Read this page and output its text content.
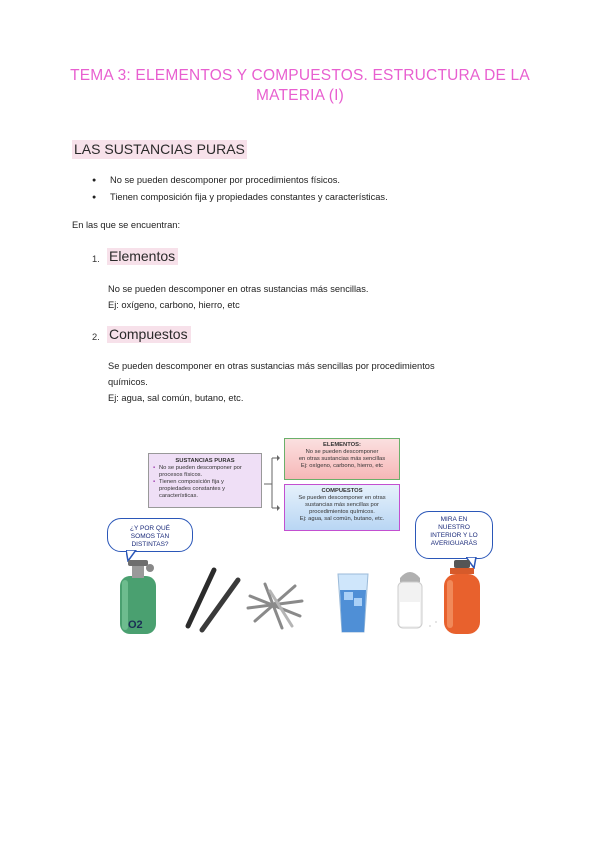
TEMA 3: ELEMENTOS Y COMPUESTOS. ESTRUCTURA DE LA
MATERIA (I)
LAS SUSTANCIAS PURAS
● No se pueden descomponer por procedimientos físicos.
● Tienen composición fija y propiedades constantes y características.
En las que se encuentran:
1. Elementos
No se pueden descomponer en otras sustancias más sencillas.
Ej: oxígeno, carbono, hierro, etc
2. Compuestos
Se pueden descomponer en otras sustancias más sencillas por procedimientos
químicos.
Ej: agua, sal común, butano, etc.
SUSTANCIAS PURAS
▪ No se pueden descomponer por procesos físicos.
▪ Tienen composición fija y propiedades constantes y características.
ELEMENTOS:
No se pueden descomponer
en otras sustancias más sencillas
Ej: oxígeno, carbono, hierro, etc
COMPUESTOS
Se pueden descomponer en otras
sustancias más sencillas por
procedimientos químicos.
Ej: agua, sal común, butano, etc.
¿Y POR QUÉ
SOMOS TAN
DISTINTAS?
MIRA EN
NUESTRO
INTERIOR Y LO
AVERIGUARÁS
O2
